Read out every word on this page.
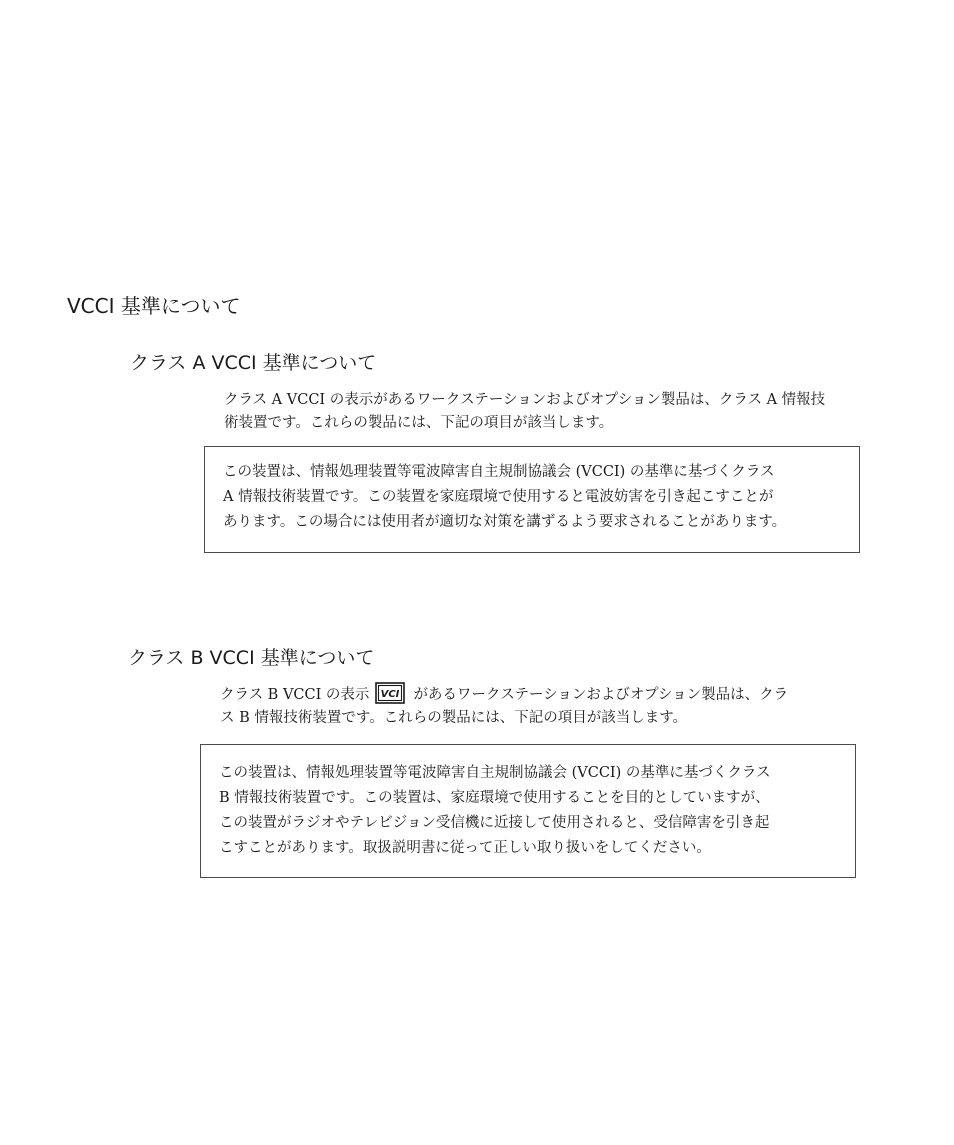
VCCI 基準について
クラス A VCCI 基準について

クラス A VCCI の表示があるワークステーションおよびオプション製品は、クラス A 情報技
術装置です。これらの製品には、下記の項目が該当します。

この装置は、情報処理装置等電波障害自主規制協議会 (VCCI) の基準に基づくクラス
A 情報技術装置です。この装置を家庭環境で使用すると電波妨害を引き起こすことが
あります。この場合には使用者が適切な対策を講ずるよう要求されることがあります。
クラス B VCCI 基準について

クラス B VCCI の表示 VCI があるワークステーションおよびオプション製品は、クラ
ス B 情報技術装置です。これらの製品には、下記の項目が該当します。

この装置は、情報処理装置等電波障害自主規制協議会 (VCCI) の基準に基づくクラス
B 情報技術装置です。この装置は、家庭環境で使用することを目的としていますが、
この装置がラジオやテレビジョン受信機に近接して使用されると、受信障害を引き起
こすことがあります。取扱説明書に従って正しい取り扱いをしてください。
